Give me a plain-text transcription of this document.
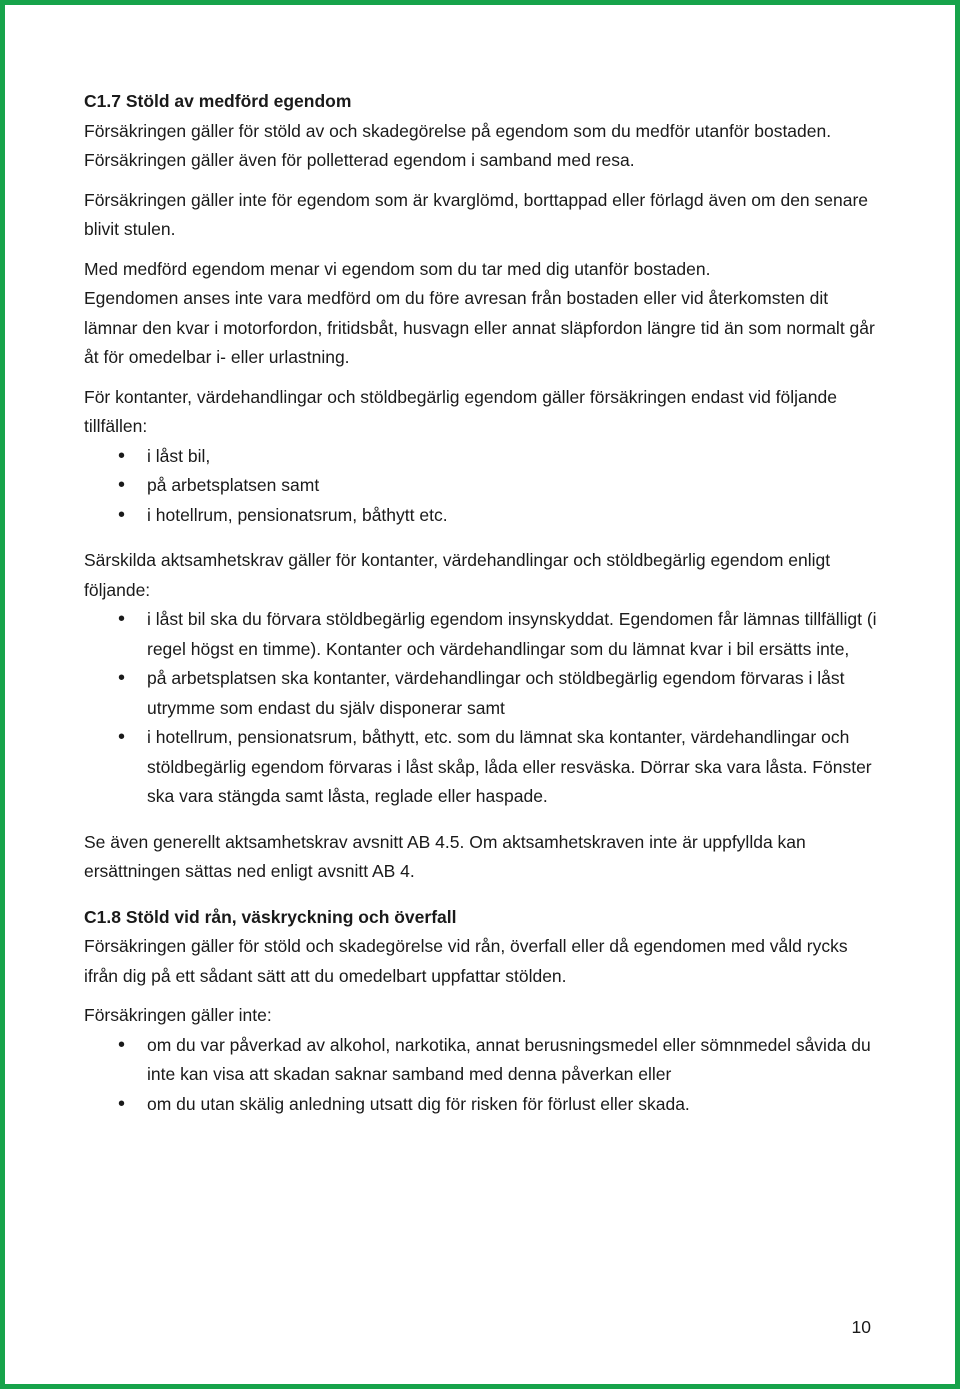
C1.7 Stöld av medförd egendom

Försäkringen gäller för stöld av och skadegörelse på egendom som du medför utanför bostaden. Försäkringen gäller även för polletterad egendom i samband med resa.

Försäkringen gäller inte för egendom som är kvarglömd, borttappad eller förlagd även om den senare blivit stulen.

Med medförd egendom menar vi egendom som du tar med dig utanför bostaden.

Egendomen anses inte vara medförd om du före avresan från bostaden eller vid återkomsten dit lämnar den kvar i motorfordon, fritidsbåt, husvagn eller annat släpfordon längre tid än som normalt går åt för omedelbar i- eller urlastning.

För kontanter, värdehandlingar och stöldbegärlig egendom gäller försäkringen endast vid följande tillfällen:

• i låst bil,
• på arbetsplatsen samt
• i hotellrum, pensionatsrum, båthytt etc.

Särskilda aktsamhetskrav gäller för kontanter, värdehandlingar och stöldbegärlig egendom enligt följande:

• i låst bil ska du förvara stöldbegärlig egendom insynskyddat. Egendomen får lämnas tillfälligt (i regel högst en timme). Kontanter och värdehandlingar som du lämnat kvar i bil ersätts inte,
• på arbetsplatsen ska kontanter, värdehandlingar och stöldbegärlig egendom förvaras i låst utrymme som endast du själv disponerar samt
• i hotellrum, pensionatsrum, båthytt, etc. som du lämnat ska kontanter, värdehandlingar och stöldbegärlig egendom förvaras i låst skåp, låda eller resväska. Dörrar ska vara låsta. Fönster ska vara stängda samt låsta, reglade eller haspade.

Se även generellt aktsamhetskrav avsnitt AB 4.5. Om aktsamhetskraven inte är uppfyllda kan ersättningen sättas ned enligt avsnitt AB 4.

C1.8 Stöld vid rån, väskryckning och överfall

Försäkringen gäller för stöld och skadegörelse vid rån, överfall eller då egendomen med våld rycks ifrån dig på ett sådant sätt att du omedelbart uppfattar stölden.

Försäkringen gäller inte:

• om du var påverkad av alkohol, narkotika, annat berusningsmedel eller sömnmedel såvida du inte kan visa att skadan saknar samband med denna påverkan eller
• om du utan skälig anledning utsatt dig för risken för förlust eller skada.
10
